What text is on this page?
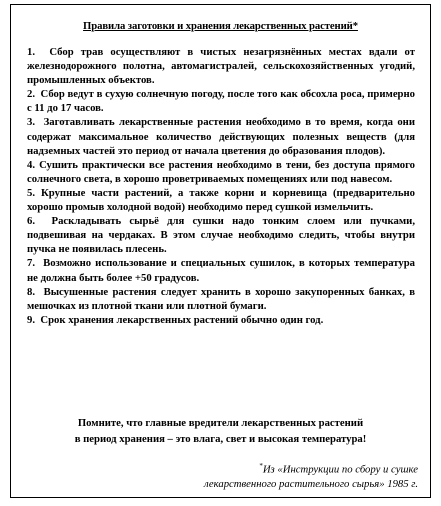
Правила заготовки и хранения лекарственных растений*

1. Сбор трав осуществляют в чистых незагрязнённых местах вдали от железнодорожного полотна, автомагистралей, сельскохозяйственных угодий, промышленных объектов.

2. Сбор ведут в сухую солнечную погоду, после того как обсохла роса, примерно с 11 до 17 часов.

3. Заготавливать лекарственные растения необходимо в то время, когда они содержат максимальное количество действующих полезных веществ (для надземных частей это период от начала цветения до образования плодов).

4. Сушить практически все растения необходимо в тени, без доступа прямого солнечного света, в хорошо проветриваемых помещениях или под навесом.

5. Крупные части растений, а также корни и корневища (предварительно хорошо промыв холодной водой) необходимо перед сушкой измельчить.

6. Раскладывать сырьё для сушки надо тонким слоем или пучками, подвешивая на чердаках. В этом случае необходимо следить, чтобы внутри пучка не появилась плесень.

7. Возможно использование и специальных сушилок, в которых температура не должна быть более +50 градусов.

8. Высушенные растения следует хранить в хорошо закупоренных банках, в мешочках из плотной ткани или плотной бумаги.

9. Срок хранения лекарственных растений обычно один год.

Помните, что главные вредители лекарственных растений
в период хранения – это влага, свет и высокая температура!
*Из «Инструкции по сбору и сушке
лекарственного растительного сырья» 1985 г.
